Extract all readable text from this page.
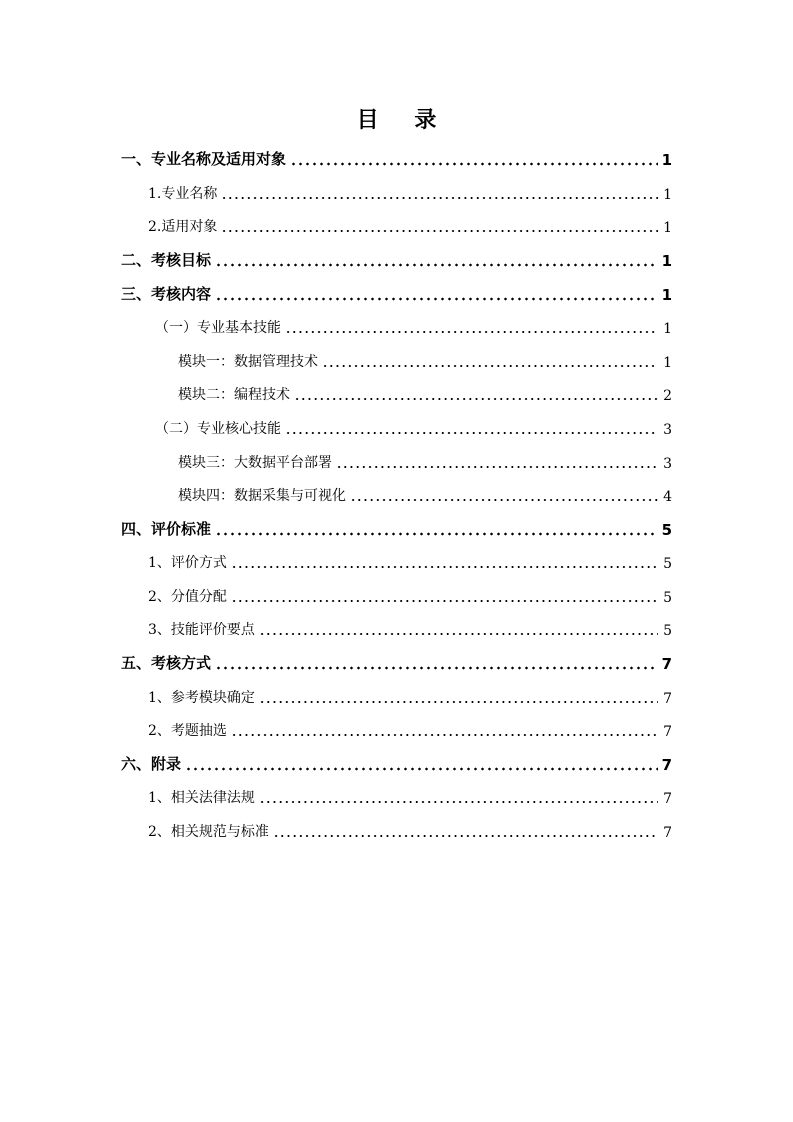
目 录
一、专业名称及适用对象	1
1.专业名称	1
2.适用对象	1
二、考核目标	1
三、考核内容	1
（一）专业基本技能	1
模块一：数据管理技术	1
模块二：编程技术	2
（二）专业核心技能	3
模块三：大数据平台部署	3
模块四：数据采集与可视化	4
四、评价标准	5
1、评价方式	5
2、分值分配	5
3、技能评价要点	5
五、考核方式	7
1、参考模块确定	7
2、考题抽选	7
六、附录	7
1、相关法律法规	7
2、相关规范与标准	7
